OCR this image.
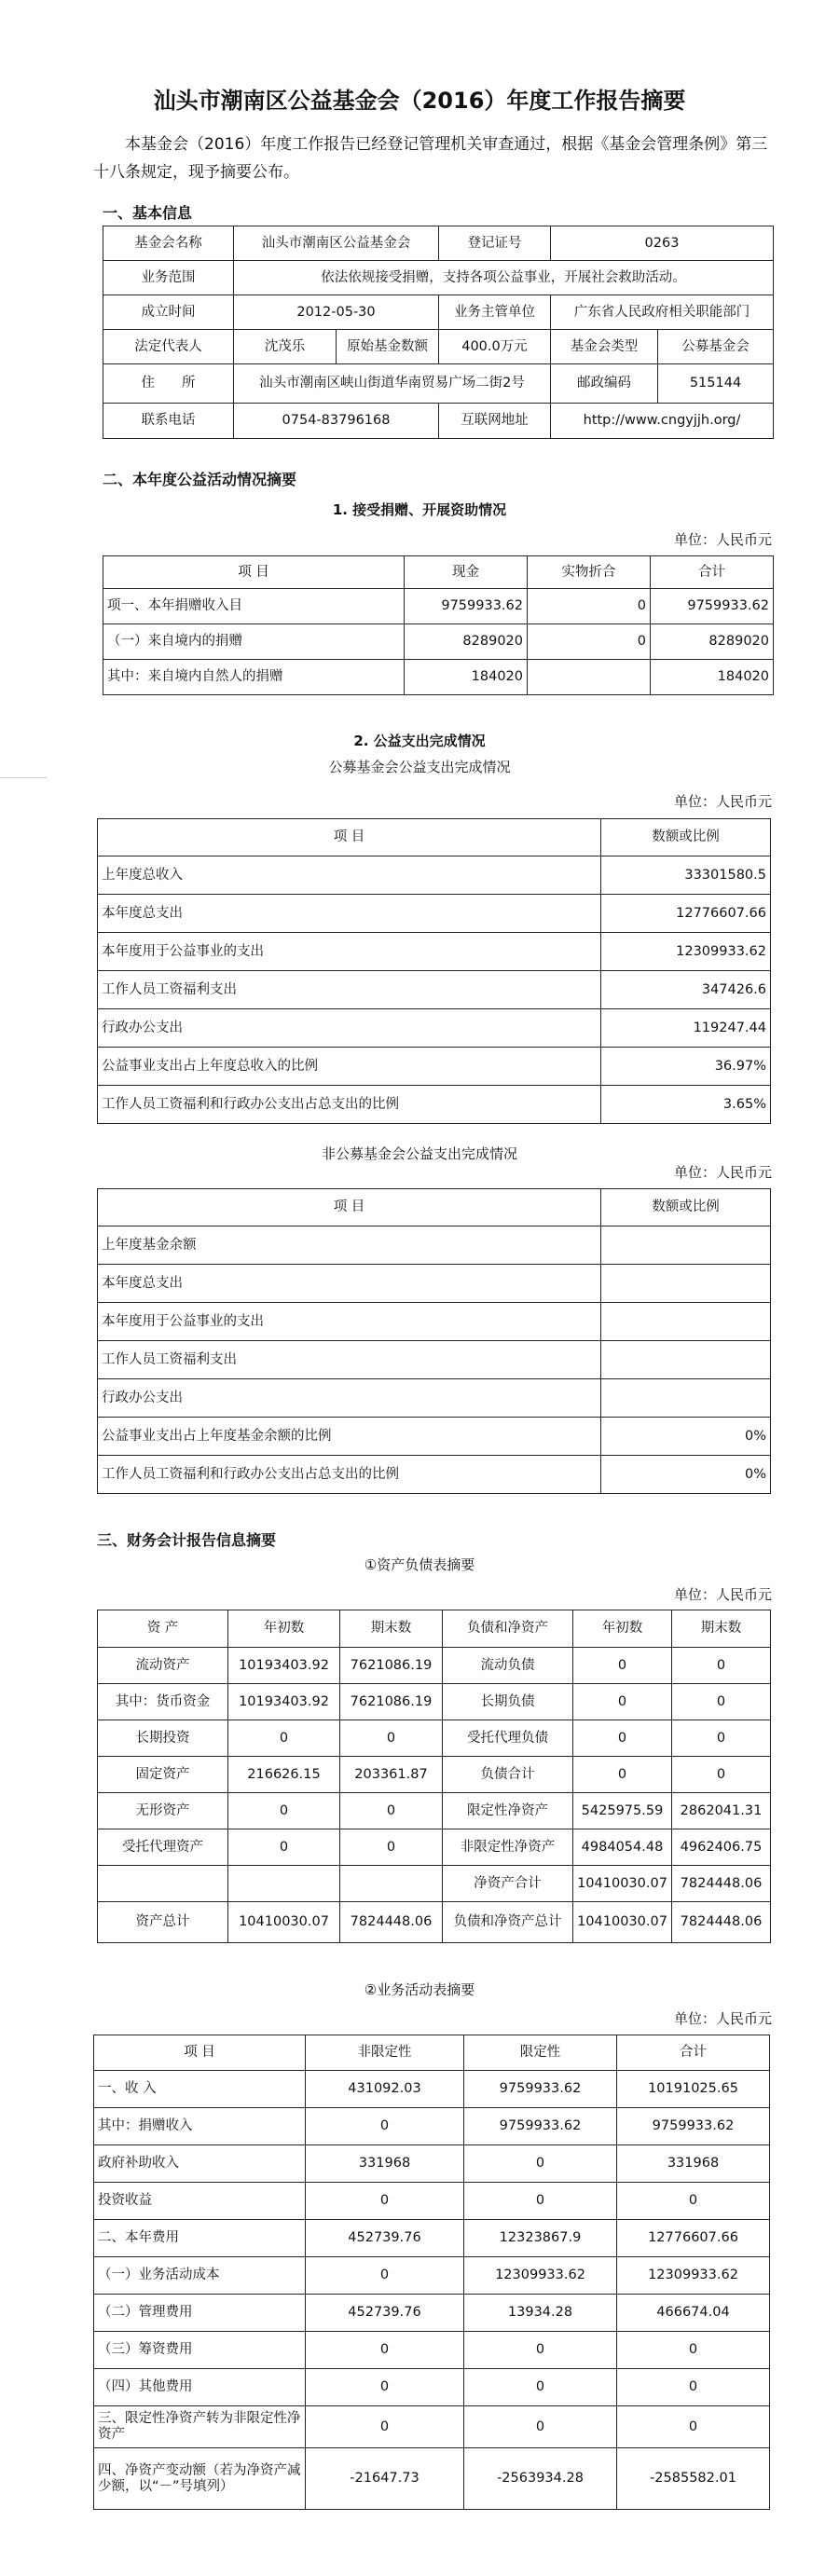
汕头市潮南区公益基金会（2016）年度工作报告摘要
本基金会（2016）年度工作报告已经登记管理机关审查通过，根据《基金会管理条例》第三十八条规定，现予摘要公布。
一、基本信息
基金会名称	汕头市潮南区公益基金会		登记证号	0263	
业务范围	依法依规接受捐赠，支持各项公益事业，开展社会救助活动。				
成立时间	2012-05-30		业务主管单位	广东省人民政府相关职能部门	
法定代表人	沈茂乐	原始基金数额	400.0万元	基金会类型	公募基金会
住　　所	汕头市潮南区峡山街道华南贸易广场二街2号			邮政编码	515144
联系电话	0754-83796168		互联网地址	http://www.cngyjjh.org/	
二、本年度公益活动情况摘要
1. 接受捐赠、开展资助情况
单位：人民币元
项 目	现金	实物折合	合计
项一、本年捐赠收入目	9759933.62	0	9759933.62
（一）来自境内的捐赠	8289020	0	8289020
其中：来自境内自然人的捐赠	184020		184020
2. 公益支出完成情况
公募基金会公益支出完成情况
单位：人民币元
项 目	数额或比例
上年度总收入	33301580.5
本年度总支出	12776607.66
本年度用于公益事业的支出	12309933.62
工作人员工资福利支出	347426.6
行政办公支出	119247.44
公益事业支出占上年度总收入的比例	36.97%
工作人员工资福利和行政办公支出占总支出的比例	3.65%
非公募基金会公益支出完成情况
单位：人民币元
项 目	数额或比例
上年度基金余额	
本年度总支出	
本年度用于公益事业的支出	
工作人员工资福利支出	
行政办公支出	
公益事业支出占上年度基金余额的比例	0%
工作人员工资福利和行政办公支出占总支出的比例	0%
三、财务会计报告信息摘要
①资产负债表摘要
单位：人民币元
资 产	年初数	期末数	负债和净资产	年初数	期末数
流动资产	10193403.92	7621086.19	流动负债	0	0
其中：货币资金	10193403.92	7621086.19	长期负债	0	0
长期投资	0	0	受托代理负债	0	0
固定资产	216626.15	203361.87	负债合计	0	0
无形资产	0	0	限定性净资产	5425975.59	2862041.31
受托代理资产	0	0	非限定性净资产	4984054.48	4962406.75
			净资产合计	10410030.07	7824448.06
资产总计	10410030.07	7824448.06	负债和净资产总计	10410030.07	7824448.06
②业务活动表摘要
单位：人民币元
项 目	非限定性	限定性	合计
一、收 入	431092.03	9759933.62	10191025.65
其中：捐赠收入	0	9759933.62	9759933.62
政府补助收入	331968	0	331968
投资收益	0	0	0
二、本年费用	452739.76	12323867.9	12776607.66
（一）业务活动成本	0	12309933.62	12309933.62
（二）管理费用	452739.76	13934.28	466674.04
（三）筹资费用	0	0	0
（四）其他费用	0	0	0
三、限定性净资产转为非限定性净资产	0	0	0
四、净资产变动额（若为净资产减少额，以“－”号填列）	-21647.73	-2563934.28	-2585582.01
